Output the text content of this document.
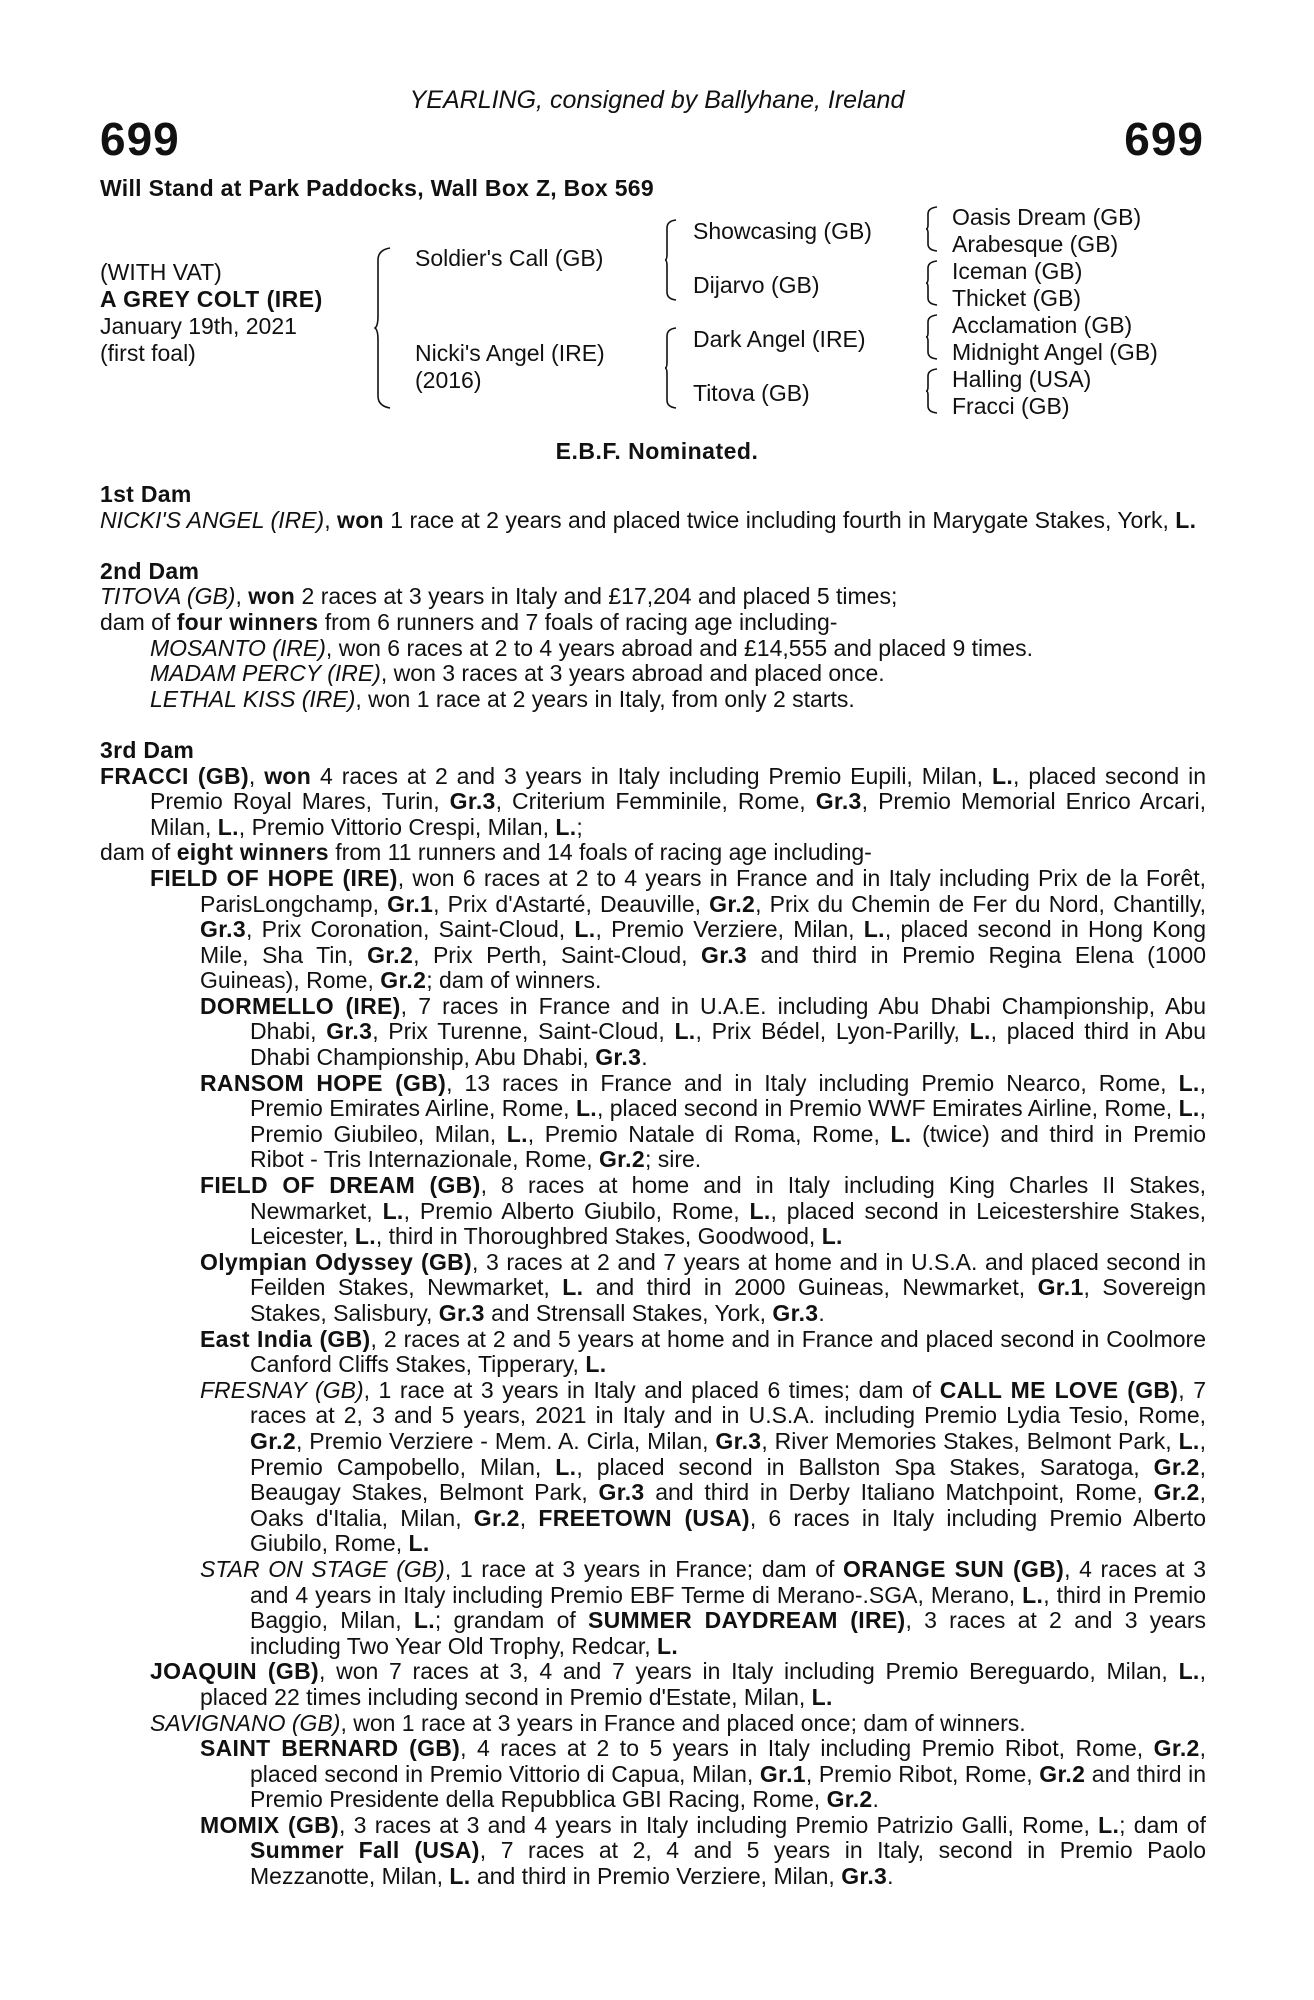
YEARLING, consigned by Ballyhane, Ireland
699	699
Will Stand at Park Paddocks, Wall Box Z, Box 569
(WITH VAT)
A GREY COLT (IRE)
January 19th, 2021
(first foal)
Soldier's Call (GB)
Nicki's Angel (IRE)
(2016)
Showcasing (GB)
Dijarvo (GB)
Dark Angel (IRE)
Titova (GB)
Oasis Dream (GB)
Arabesque (GB)
Iceman (GB)
Thicket (GB)
Acclamation (GB)
Midnight Angel (GB)
Halling (USA)
Fracci (GB)
E.B.F. Nominated.
1st Dam

NICKI'S ANGEL (IRE), won 1 race at 2 years and placed twice including fourth in Marygate Stakes, York, L.

2nd Dam

TITOVA (GB), won 2 races at 3 years in Italy and £17,204 and placed 5 times;

dam of four winners from 6 runners and 7 foals of racing age including-

MOSANTO (IRE), won 6 races at 2 to 4 years abroad and £14,555 and placed 9 times.

MADAM PERCY (IRE), won 3 races at 3 years abroad and placed once.

LETHAL KISS (IRE), won 1 race at 2 years in Italy, from only 2 starts.

3rd Dam

FRACCI (GB), won 4 races at 2 and 3 years in Italy including Premio Eupili, Milan, L., placed second in Premio Royal Mares, Turin, Gr.3, Criterium Femminile, Rome, Gr.3, Premio Memorial Enrico Arcari, Milan, L., Premio Vittorio Crespi, Milan, L.;

dam of eight winners from 11 runners and 14 foals of racing age including-

FIELD OF HOPE (IRE), won 6 races at 2 to 4 years in France and in Italy including Prix de la Forêt, ParisLongchamp, Gr.1, Prix d'Astarté, Deauville, Gr.2, Prix du Chemin de Fer du Nord, Chantilly, Gr.3, Prix Coronation, Saint-Cloud, L., Premio Verziere, Milan, L., placed second in Hong Kong Mile, Sha Tin, Gr.2, Prix Perth, Saint-Cloud, Gr.3 and third in Premio Regina Elena (1000 Guineas), Rome, Gr.2; dam of winners.

DORMELLO (IRE), 7 races in France and in U.A.E. including Abu Dhabi Championship, Abu Dhabi, Gr.3, Prix Turenne, Saint-Cloud, L., Prix Bédel, Lyon-Parilly, L., placed third in Abu Dhabi Championship, Abu Dhabi, Gr.3.

RANSOM HOPE (GB), 13 races in France and in Italy including Premio Nearco, Rome, L., Premio Emirates Airline, Rome, L., placed second in Premio WWF Emirates Airline, Rome, L., Premio Giubileo, Milan, L., Premio Natale di Roma, Rome, L. (twice) and third in Premio Ribot - Tris Internazionale, Rome, Gr.2; sire.

FIELD OF DREAM (GB), 8 races at home and in Italy including King Charles II Stakes, Newmarket, L., Premio Alberto Giubilo, Rome, L., placed second in Leicestershire Stakes, Leicester, L., third in Thoroughbred Stakes, Goodwood, L.

Olympian Odyssey (GB), 3 races at 2 and 7 years at home and in U.S.A. and placed second in Feilden Stakes, Newmarket, L. and third in 2000 Guineas, Newmarket, Gr.1, Sovereign Stakes, Salisbury, Gr.3 and Strensall Stakes, York, Gr.3.

East India (GB), 2 races at 2 and 5 years at home and in France and placed second in Coolmore Canford Cliffs Stakes, Tipperary, L.

FRESNAY (GB), 1 race at 3 years in Italy and placed 6 times; dam of CALL ME LOVE (GB), 7 races at 2, 3 and 5 years, 2021 in Italy and in U.S.A. including Premio Lydia Tesio, Rome, Gr.2, Premio Verziere - Mem. A. Cirla, Milan, Gr.3, River Memories Stakes, Belmont Park, L., Premio Campobello, Milan, L., placed second in Ballston Spa Stakes, Saratoga, Gr.2, Beaugay Stakes, Belmont Park, Gr.3 and third in Derby Italiano Matchpoint, Rome, Gr.2, Oaks d'Italia, Milan, Gr.2, FREETOWN (USA), 6 races in Italy including Premio Alberto Giubilo, Rome, L.

STAR ON STAGE (GB), 1 race at 3 years in France; dam of ORANGE SUN (GB), 4 races at 3 and 4 years in Italy including Premio EBF Terme di Merano-.SGA, Merano, L., third in Premio Baggio, Milan, L.; grandam of SUMMER DAYDREAM (IRE), 3 races at 2 and 3 years including Two Year Old Trophy, Redcar, L.

JOAQUIN (GB), won 7 races at 3, 4 and 7 years in Italy including Premio Bereguardo, Milan, L., placed 22 times including second in Premio d'Estate, Milan, L.

SAVIGNANO (GB), won 1 race at 3 years in France and placed once; dam of winners.

SAINT BERNARD (GB), 4 races at 2 to 5 years in Italy including Premio Ribot, Rome, Gr.2, placed second in Premio Vittorio di Capua, Milan, Gr.1, Premio Ribot, Rome, Gr.2 and third in Premio Presidente della Repubblica GBI Racing, Rome, Gr.2.

MOMIX (GB), 3 races at 3 and 4 years in Italy including Premio Patrizio Galli, Rome, L.; dam of Summer Fall (USA), 7 races at 2, 4 and 5 years in Italy, second in Premio Paolo Mezzanotte, Milan, L. and third in Premio Verziere, Milan, Gr.3.
